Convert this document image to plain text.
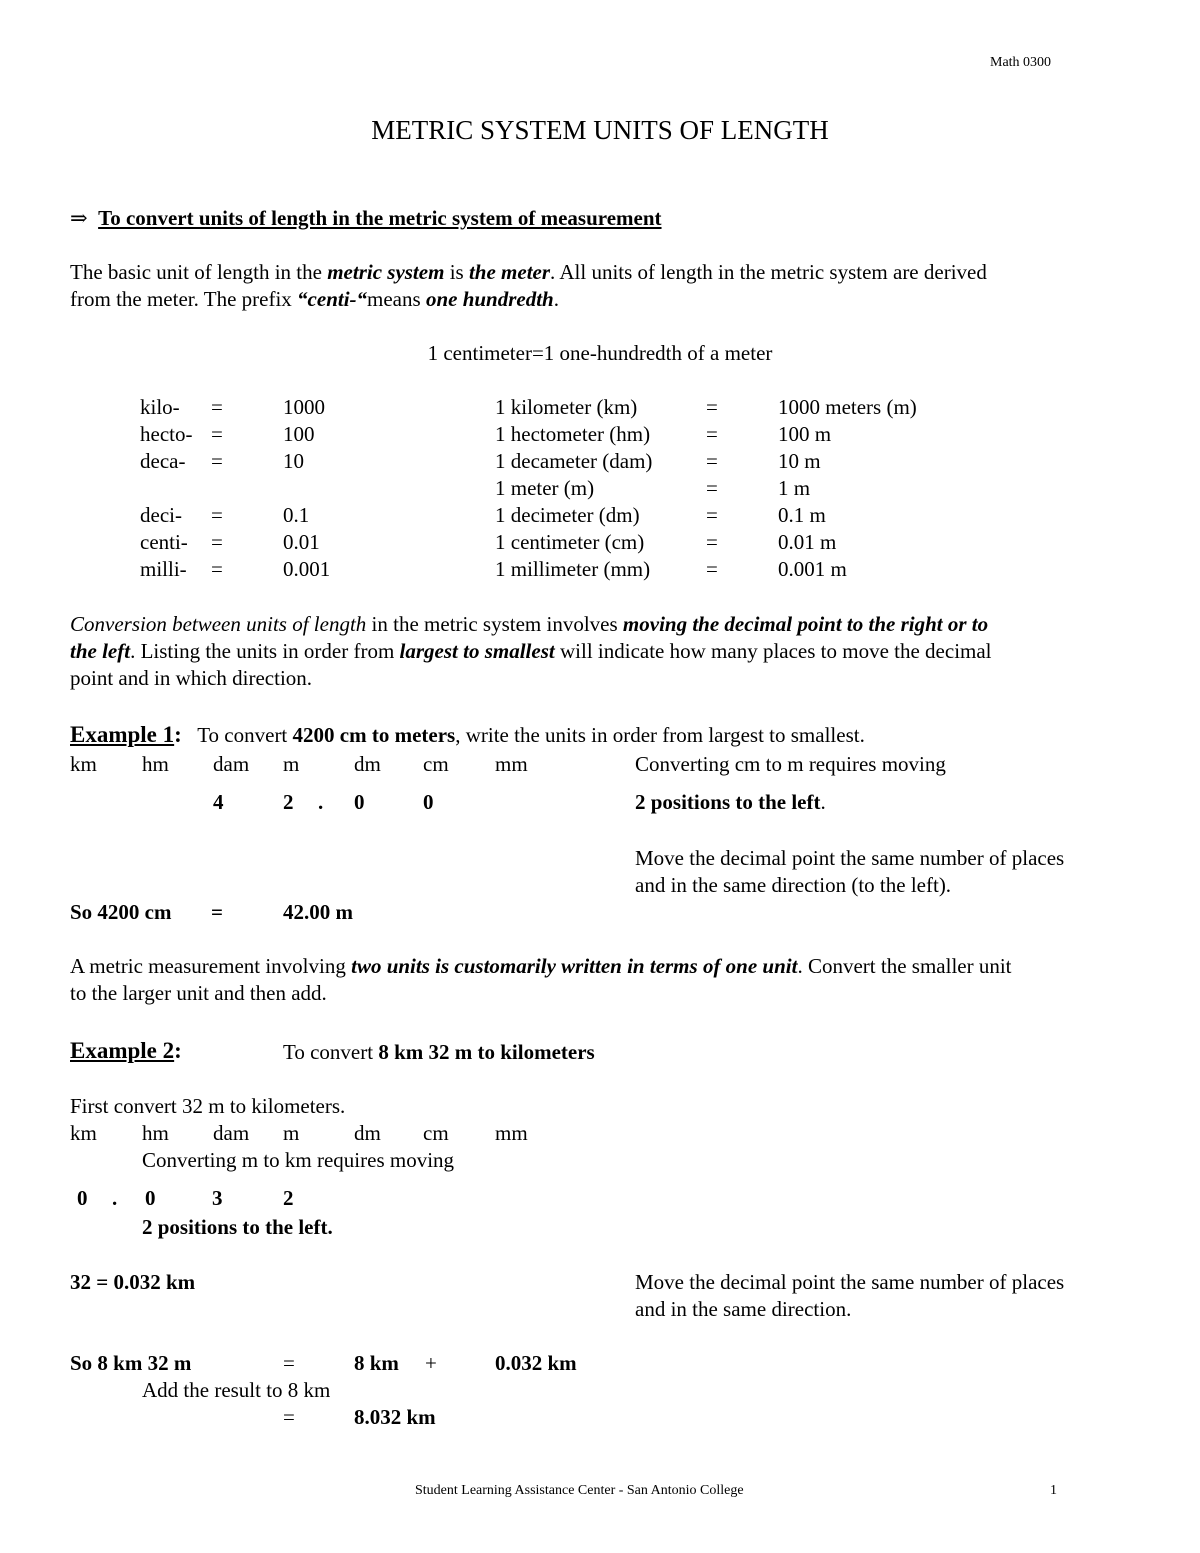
Math 0300
METRIC SYSTEM UNITS OF LENGTH
⇒ To convert units of length in the metric system of measurement
The basic unit of length in the metric system is the meter. All units of length in the metric system are derived
from the meter. The prefix “centi-“means one hundredth.
1 centimeter=1 one-hundredth of a meter
kilo- =	1000	1 kilometer (km)	=	1000 meters (m)
hecto- =	100	1 hectometer (hm)	=	100 m
deca- =	10	1 decameter (dam)	=	10 m
1 meter (m)	=	1 m
deci- =	0.1	1 decimeter (dm)	=	0.1 m
centi- =	0.01	1 centimeter (cm)	=	0.01 m
milli- =	0.001	1 millimeter (mm)	=	0.001 m
Conversion between units of length in the metric system involves moving the decimal point to the right or to
the left. Listing the units in order from largest to smallest will indicate how many places to move the decimal
point and in which direction.
Example 1: To convert 4200 cm to meters, write the units in order from largest to smallest.
km hm dam m	dm cm mm	Converting cm to m requires moving
4	2 . 0	0	2 positions to the left.
Move the decimal point the same number of places
and in the same direction (to the left).
So 4200 cm =	42.00 m
A metric measurement involving two units is customarily written in terms of one unit. Convert the smaller unit
to the larger unit and then add.
Example 2:	To convert 8 km 32 m to kilometers
First convert 32 m to kilometers.
km hm dam m	dm cm mm
Converting m to km requires moving
0 . 0	3	2
2 positions to the left.
32 = 0.032 km	Move the decimal point the same number of places
and in the same direction.
So 8 km 32 m	=	8 km +	0.032 km
Add the result to 8 km
=	8.032 km
Student Learning Assistance Center - San Antonio College	1
